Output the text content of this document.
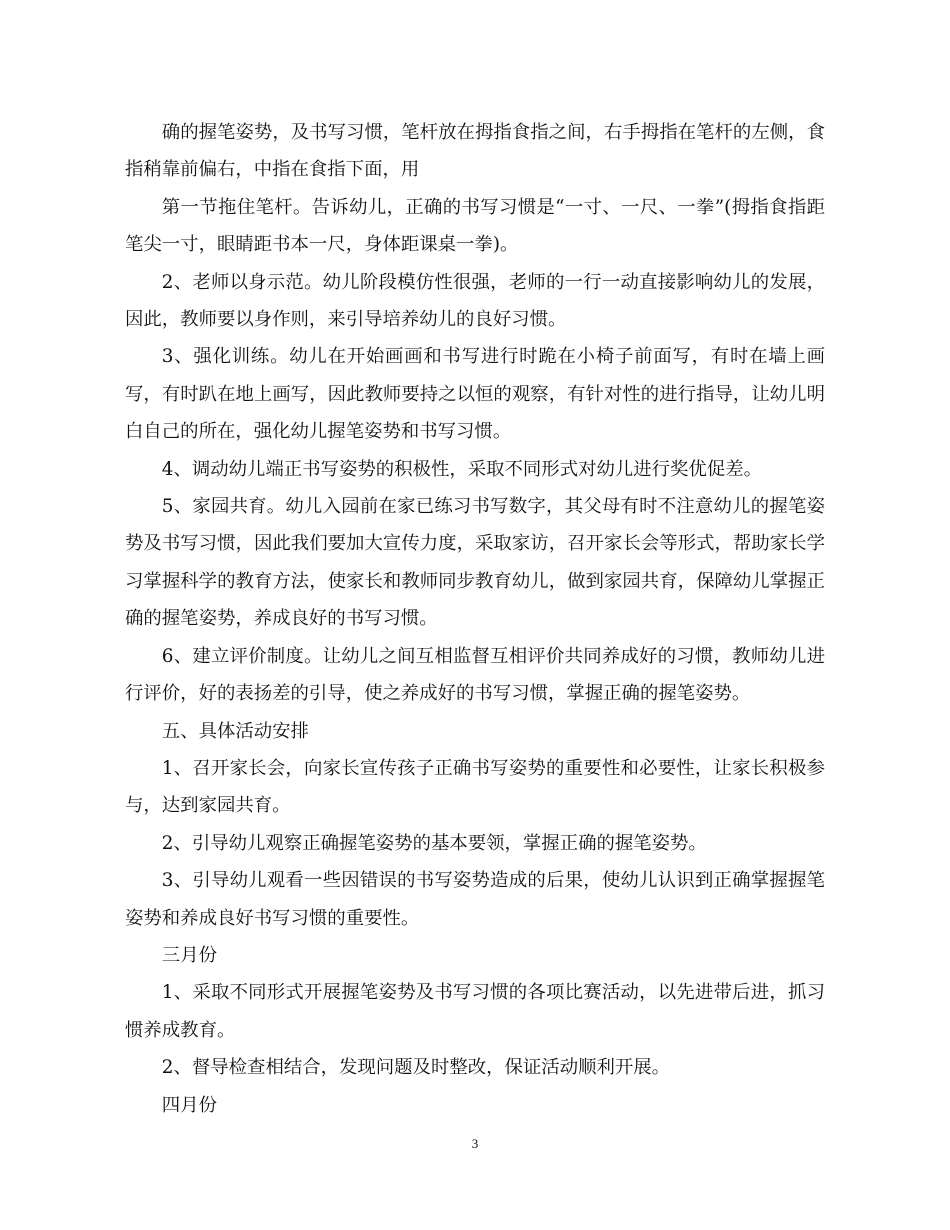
确的握笔姿势，及书写习惯，笔杆放在拇指食指之间，右手拇指在笔杆的左侧，食指稍靠前偏右，中指在食指下面，用

第一节拖住笔杆。告诉幼儿，正确的书写习惯是“一寸、一尺、一拳”(拇指食指距笔尖一寸，眼睛距书本一尺，身体距课桌一拳)。

2、老师以身示范。幼儿阶段模仿性很强，老师的一行一动直接影响幼儿的发展，因此，教师要以身作则，来引导培养幼儿的良好习惯。

3、强化训练。幼儿在开始画画和书写进行时跪在小椅子前面写，有时在墙上画写，有时趴在地上画写，因此教师要持之以恒的观察，有针对性的进行指导，让幼儿明白自己的所在，强化幼儿握笔姿势和书写习惯。

4、调动幼儿端正书写姿势的积极性，采取不同形式对幼儿进行奖优促差。

5、家园共育。幼儿入园前在家已练习书写数字，其父母有时不注意幼儿的握笔姿势及书写习惯，因此我们要加大宣传力度，采取家访，召开家长会等形式，帮助家长学习掌握科学的教育方法，使家长和教师同步教育幼儿，做到家园共育，保障幼儿掌握正确的握笔姿势，养成良好的书写习惯。

6、建立评价制度。让幼儿之间互相监督互相评价共同养成好的习惯，教师幼儿进行评价，好的表扬差的引导，使之养成好的书写习惯，掌握正确的握笔姿势。

五、具体活动安排

1、召开家长会，向家长宣传孩子正确书写姿势的重要性和必要性，让家长积极参与，达到家园共育。

2、引导幼儿观察正确握笔姿势的基本要领，掌握正确的握笔姿势。

3、引导幼儿观看一些因错误的书写姿势造成的后果，使幼儿认识到正确掌握握笔姿势和养成良好书写习惯的重要性。

三月份

1、采取不同形式开展握笔姿势及书写习惯的各项比赛活动，以先进带后进，抓习惯养成教育。

2、督导检查相结合，发现问题及时整改，保证活动顺利开展。

四月份

3
